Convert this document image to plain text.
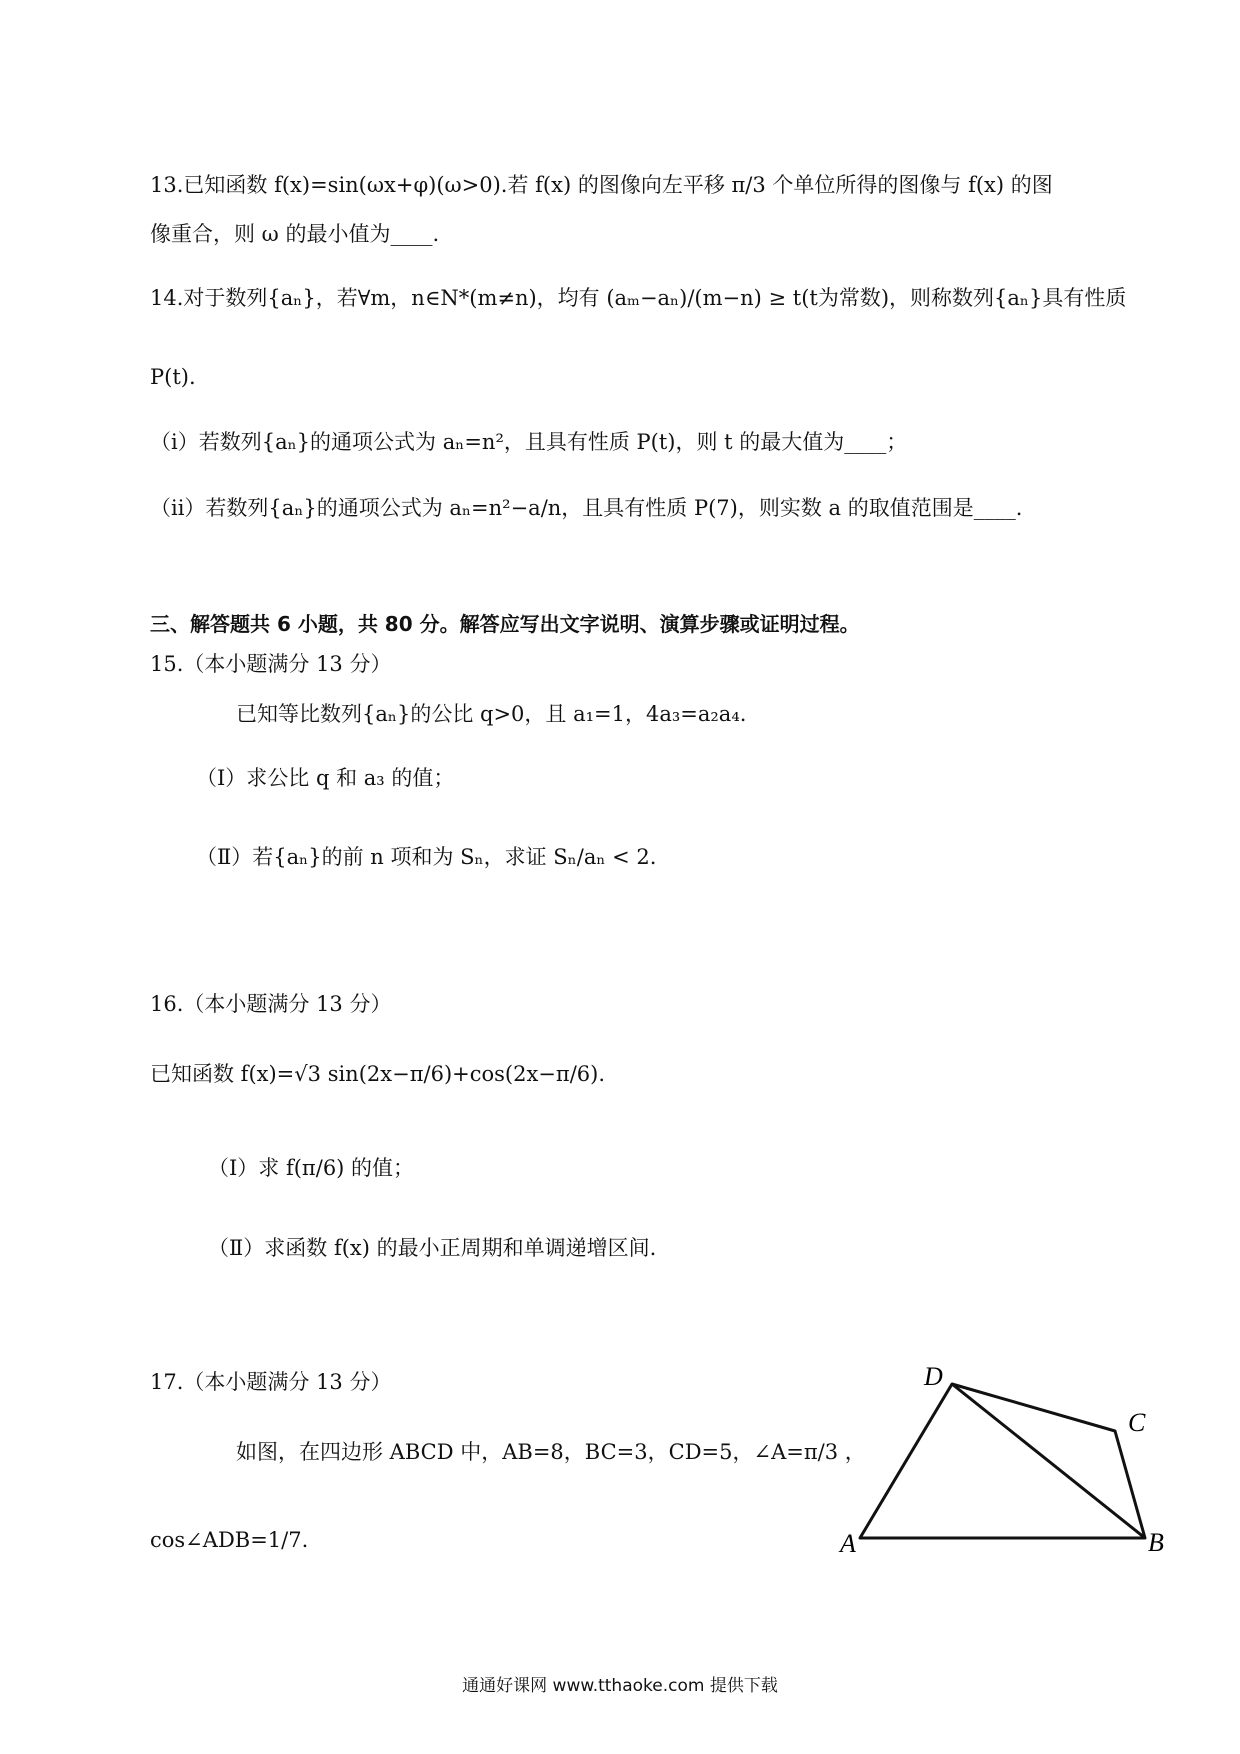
13.已知函数 f(x)=sin(ωx+φ)(ω>0).若 f(x) 的图像向左平移 π/3 个单位所得的图像与 f(x) 的图
像重合，则 ω 的最小值为____.
14.对于数列{aₙ}，若∀m，n∈N*(m≠n)，均有 (aₘ−aₙ)/(m−n) ≥ t(t为常数)，则称数列{aₙ}具有性质
P(t).
（i）若数列{aₙ}的通项公式为 aₙ=n²，且具有性质 P(t)，则 t 的最大值为____；
（ii）若数列{aₙ}的通项公式为 aₙ=n²−a/n，且具有性质 P(7)，则实数 a 的取值范围是____.
三、解答题共 6 小题，共 80 分。解答应写出文字说明、演算步骤或证明过程。
15.（本小题满分 13 分）
已知等比数列{aₙ}的公比 q>0，且 a₁=1，4a₃=a₂a₄.
（Ⅰ）求公比 q 和 a₃ 的值；
（Ⅱ）若{aₙ}的前 n 项和为 Sₙ，求证 Sₙ/aₙ < 2.
16.（本小题满分 13 分）
已知函数 f(x)=√3 sin(2x−π/6)+cos(2x−π/6).
（Ⅰ）求 f(π/6) 的值；
（Ⅱ）求函数 f(x) 的最小正周期和单调递增区间.
17.（本小题满分 13 分）
如图，在四边形 ABCD 中，AB=8，BC=3，CD=5，∠A=π/3 ，
cos∠ADB=1/7.	A	B
C
D
通通好课网 www.tthaoke.com 提供下载
